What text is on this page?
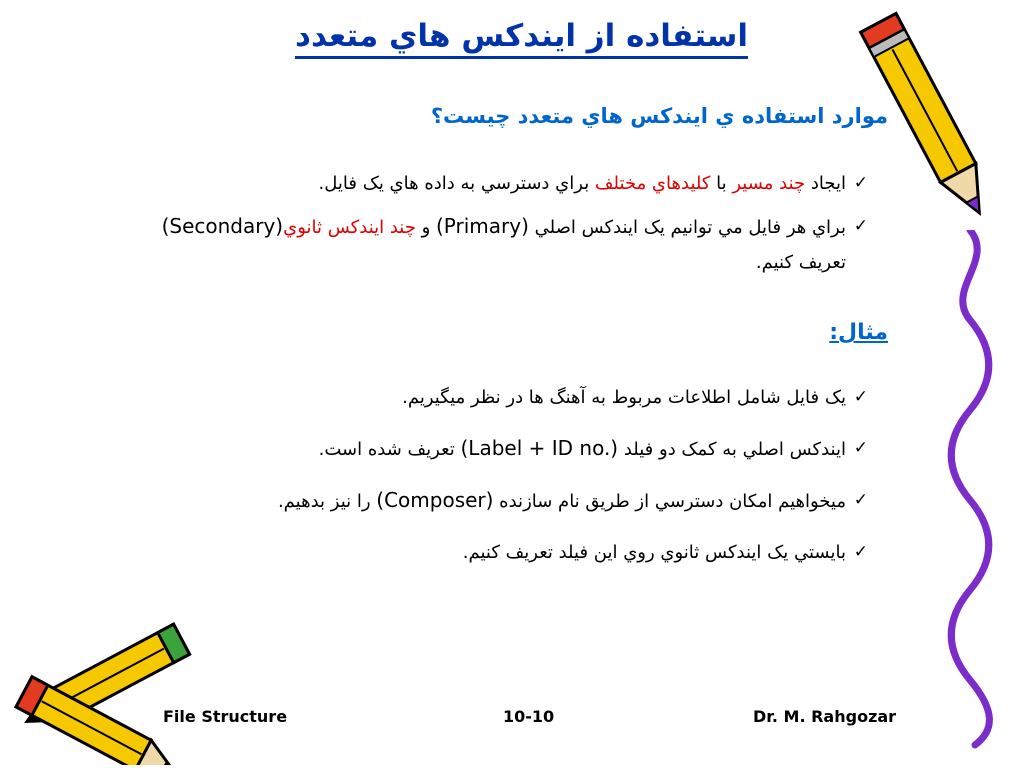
استفاده از ايندکس هاي متعدد
موارد استفاده ي ايندکس هاي متعدد چيست؟
✓
ايجاد چند مسير با کليدهاي مختلف براي دسترسي به داده هاي يک فايل.
✓
براي هر فايل مي توانيم يک ايندکس اصلي (Primary) و چند ايندکس ثانوي (Secondary) تعريف کنيم.
مثال:
✓
يک فايل شامل اطلاعات مربوط به آهنگ ها در نظر ميگيريم.
✓
ايندکس اصلي به کمک دو فيلد (Label + ID no.) تعريف شده است.
✓
ميخواهيم امکان دسترسي از طريق نام سازنده (Composer) را نيز بدهيم.
✓
بايستي يک ايندکس ثانوي روي اين فيلد تعريف کنيم.
File Structure	10-10	Dr. M. Rahgozar
